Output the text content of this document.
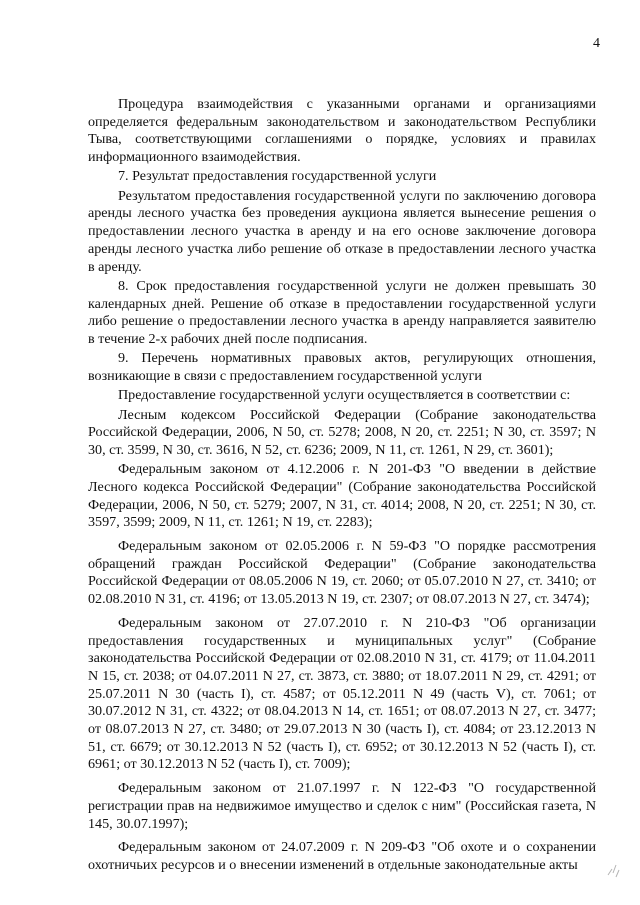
4

Процедура взаимодействия с указанными органами и организациями определяется федеральным законодательством и законодательством Республики Тыва, соответствующими соглашениями о порядке, условиях и правилах информационного взаимодействия.

7. Результат предоставления государственной услуги

Результатом предоставления государственной услуги по заключению договора аренды лесного участка без проведения аукциона является вынесение решения о предоставлении лесного участка в аренду и на его основе заключение договора аренды лесного участка либо решение об отказе в предоставлении лесного участка в аренду.

8. Срок предоставления государственной услуги не должен превышать 30 календарных дней. Решение об отказе в предоставлении государственной услуги либо решение о предоставлении лесного участка в аренду направляется заявителю в течение 2-х рабочих дней после подписания.

9. Перечень нормативных правовых актов, регулирующих отношения, возникающие в связи с предоставлением государственной услуги

Предоставление государственной услуги осуществляется в соответствии с:

Лесным кодексом Российской Федерации (Собрание законодательства Российской Федерации, 2006, N 50, ст. 5278; 2008, N 20, ст. 2251; N 30, ст. 3597; N 30, ст. 3599, N 30, ст. 3616, N 52, ст. 6236; 2009, N 11, ст. 1261, N 29, ст. 3601);

Федеральным законом от 4.12.2006 г. N 201-ФЗ "О введении в действие Лесного кодекса Российской Федерации" (Собрание законодательства Российской Федерации, 2006, N 50, ст. 5279; 2007, N 31, ст. 4014; 2008, N 20, ст. 2251; N 30, ст. 3597, 3599; 2009, N 11, ст. 1261; N 19, ст. 2283);

Федеральным законом от 02.05.2006 г. N 59-ФЗ "О порядке рассмотрения обращений граждан Российской Федерации" (Собрание законодательства Российской Федерации от 08.05.2006 N 19, ст. 2060; от 05.07.2010 N 27, ст. 3410; от 02.08.2010 N 31, ст. 4196; от 13.05.2013 N 19, ст. 2307; от 08.07.2013 N 27, ст. 3474);

Федеральным законом от 27.07.2010 г. N 210-ФЗ "Об организации предоставления государственных и муниципальных услуг" (Собрание законодательства Российской Федерации от 02.08.2010 N 31, ст. 4179; от 11.04.2011 N 15, ст. 2038; от 04.07.2011 N 27, ст. 3873, ст. 3880; от 18.07.2011 N 29, ст. 4291; от 25.07.2011 N 30 (часть I), ст. 4587; от 05.12.2011 N 49 (часть V), ст. 7061; от 30.07.2012 N 31, ст. 4322; от 08.04.2013 N 14, ст. 1651; от 08.07.2013 N 27, ст. 3477; от 08.07.2013 N 27, ст. 3480; от 29.07.2013 N 30 (часть I), ст. 4084; от 23.12.2013 N 51, ст. 6679; от 30.12.2013 N 52 (часть I), ст. 6952; от 30.12.2013 N 52 (часть I), ст. 6961; от 30.12.2013 N 52 (часть I), ст. 7009);

Федеральным законом от 21.07.1997 г. N 122-ФЗ "О государственной регистрации прав на недвижимое имущество и сделок с ним" (Российская газета, N 145, 30.07.1997);

Федеральным законом от 24.07.2009 г. N 209-ФЗ "Об охоте и о сохранении охотничьих ресурсов и о внесении изменений в отдельные законодательные акты
